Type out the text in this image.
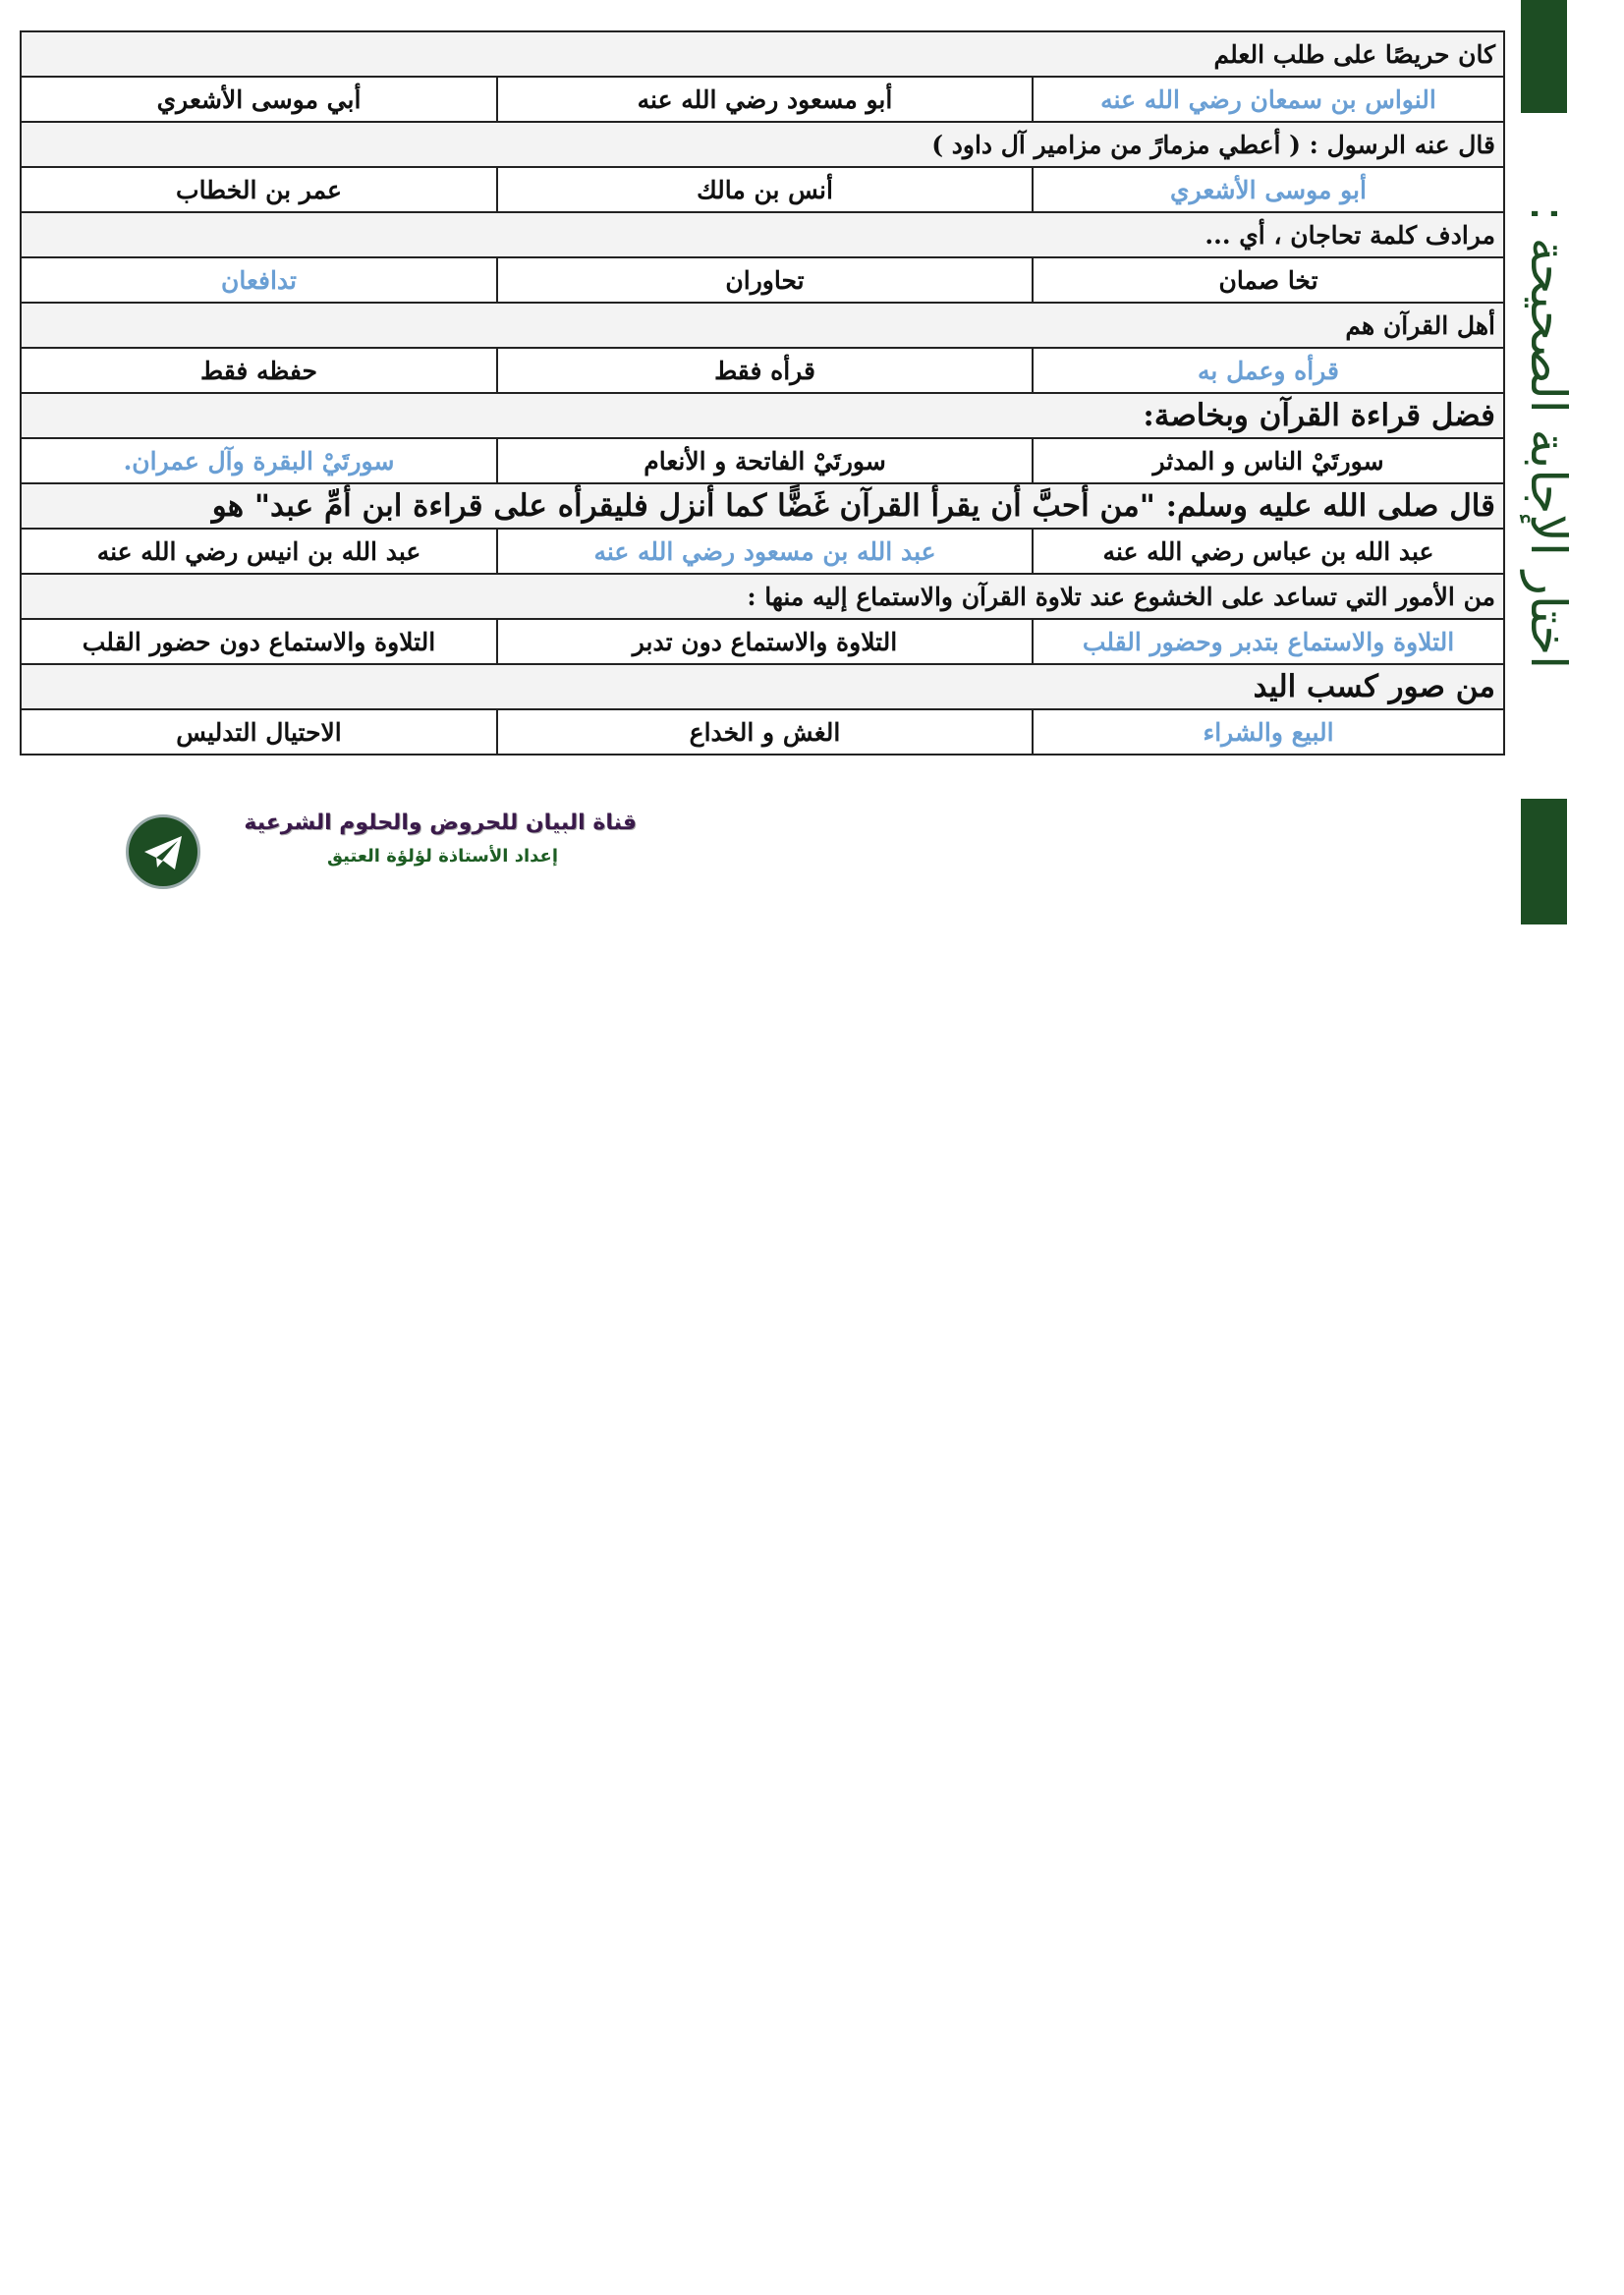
اختار الإجابة الصحيحة :
كان حريصًا على طلب العلم		
النواس بن سمعان رضي الله عنه	أبو مسعود رضي الله عنه	أبي موسى الأشعري
قال عنه الرسول : ( أعطي مزمارً من مزامير آل داود )		
أبو موسى الأشعري	أنس بن مالك	عمر بن الخطاب
مرادف كلمة تحاجان ، أي ...		
تخا صمان	تحاوران	تدافعان
أهل القرآن هم		
قرأه وعمل به	قرأه فقط	حفظه فقط
فضل قراءة القرآن وبخاصة:		
سورتَيْ الناس و المدثر	سورتَيْ الفاتحة و الأنعام	سورتَيْ البقرة وآل عمران.
قال صلى الله عليه وسلم: "من أحبَّ أن يقرأ القرآن غَضًّا كما أنزل فليقرأه على قراءة ابن أمِّ عبد" هو		
عبد الله بن عباس رضي الله عنه	عبد الله بن مسعود رضي الله عنه	عبد الله بن انيس رضي الله عنه
من الأمور التي تساعد على الخشوع عند تلاوة القرآن والاستماع إليه منها :		
التلاوة والاستماع بتدبر وحضور القلب	التلاوة والاستماع دون تدبر	التلاوة والاستماع دون حضور القلب
من صور كسب اليد		
البيع والشراء	الغش و الخداع	الاحتيال التدليس
قناة البيان للحروض والحلوم الشرعية
إعداد الأستاذة لؤلؤة العتيق
